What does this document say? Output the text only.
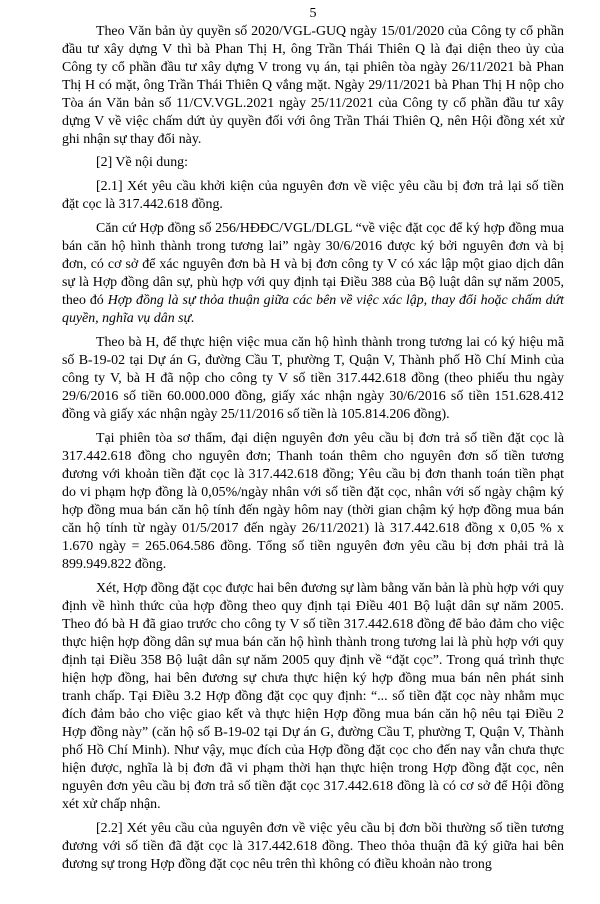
5

Theo Văn bản ủy quyền số 2020/VGL-GUQ ngày 15/01/2020 của Công ty cổ phần đầu tư xây dựng V thì bà Phan Thị H, ông Trần Thái Thiên Q là đại diện theo ủy của Công ty cổ phần đầu tư xây dựng V trong vụ án, tại phiên tòa ngày 26/11/2021 bà Phan Thị H có mặt, ông Trần Thái Thiên Q vắng mặt. Ngày 29/11/2021 bà Phan Thị H nộp cho Tòa án Văn bản số 11/CV.VGL.2021 ngày 25/11/2021 của Công ty cổ phần đầu tư xây dựng V về việc chấm dứt ủy quyền đối với ông Trần Thái Thiên Q, nên Hội đồng xét xử ghi nhận sự thay đổi này.

[2] Về nội dung:

[2.1] Xét yêu cầu khởi kiện của nguyên đơn về việc yêu cầu bị đơn trả lại số tiền đặt cọc là 317.442.618 đồng.

Căn cứ Hợp đồng số 256/HĐĐC/VGL/DLGL “về việc đặt cọc để ký hợp đồng mua bán căn hộ hình thành trong tương lai” ngày 30/6/2016 được ký bởi nguyên đơn và bị đơn, có cơ sở để xác nguyên đơn bà H và bị đơn công ty V có xác lập một giao dịch dân sự là Hợp đồng dân sự, phù hợp với quy định tại Điều 388 của Bộ luật dân sự năm 2005, theo đó Hợp đồng là sự thỏa thuận giữa các bên về việc xác lập, thay đổi hoặc chấm dứt quyền, nghĩa vụ dân sự.

Theo bà H, để thực hiện việc mua căn hộ hình thành trong tương lai có ký hiệu mã số B-19-02 tại Dự án G, đường Cầu T, phường T, Quận V, Thành phố Hồ Chí Minh của công ty V, bà H đã nộp cho công ty V số tiền 317.442.618 đồng (theo phiếu thu ngày 29/6/2016 số tiền 60.000.000 đồng, giấy xác nhận ngày 30/6/2016 số tiền 151.628.412 đồng và giấy xác nhận ngày 25/11/2016 số tiền là 105.814.206 đồng).

Tại phiên tòa sơ thẩm, đại diện nguyên đơn yêu cầu bị đơn trả số tiền đặt cọc là 317.442.618 đồng cho nguyên đơn; Thanh toán thêm cho nguyên đơn số tiền tương đương với khoản tiền đặt cọc là 317.442.618 đồng; Yêu cầu bị đơn thanh toán tiền phạt do vi phạm hợp đồng là 0,05%/ngày nhân với số tiền đặt cọc, nhân với số ngày chậm ký hợp đồng mua bán căn hộ tính đến ngày hôm nay (thời gian chậm ký hợp đồng mua bán căn hộ tính từ ngày 01/5/2017 đến ngày 26/11/2021) là 317.442.618 đồng x 0,05 % x 1.670 ngày = 265.064.586 đồng. Tổng số tiền nguyên đơn yêu cầu bị đơn phải trả là 899.949.822 đồng.

Xét, Hợp đồng đặt cọc được hai bên đương sự làm bằng văn bản là phù hợp với quy định về hình thức của hợp đồng theo quy định tại Điều 401 Bộ luật dân sự năm 2005. Theo đó bà H đã giao trước cho công ty V số tiền 317.442.618 đồng để bảo đảm cho việc thực hiện hợp đồng dân sự mua bán căn hộ hình thành trong tương lai là phù hợp với quy định tại Điều 358 Bộ luật dân sự năm 2005 quy định về “đặt cọc”. Trong quá trình thực hiện hợp đồng, hai bên đương sự chưa thực hiện ký hợp đồng mua bán nên phát sinh tranh chấp. Tại Điều 3.2 Hợp đồng đặt cọc quy định: “... số tiền đặt cọc này nhằm mục đích đảm bảo cho việc giao kết và thực hiện Hợp đồng mua bán căn hộ nêu tại Điều 2 Hợp đồng này” (căn hộ số B-19-02 tại Dự án G, đường Cầu T, phường T, Quận V, Thành phố Hồ Chí Minh). Như vậy, mục đích của Hợp đồng đặt cọc cho đến nay vẫn chưa thực hiện được, nghĩa là bị đơn đã vi phạm thời hạn thực hiện trong Hợp đồng đặt cọc, nên nguyên đơn yêu cầu bị đơn trả số tiền đặt cọc 317.442.618 đồng là có cơ sở để Hội đồng xét xử chấp nhận.

[2.2] Xét yêu cầu của nguyên đơn về việc yêu cầu bị đơn bồi thường số tiền tương đương với số tiền đã đặt cọc là 317.442.618 đồng. Theo thỏa thuận đã ký giữa hai bên đương sự trong Hợp đồng đặt cọc nêu trên thì không có điều khoản nào trong
